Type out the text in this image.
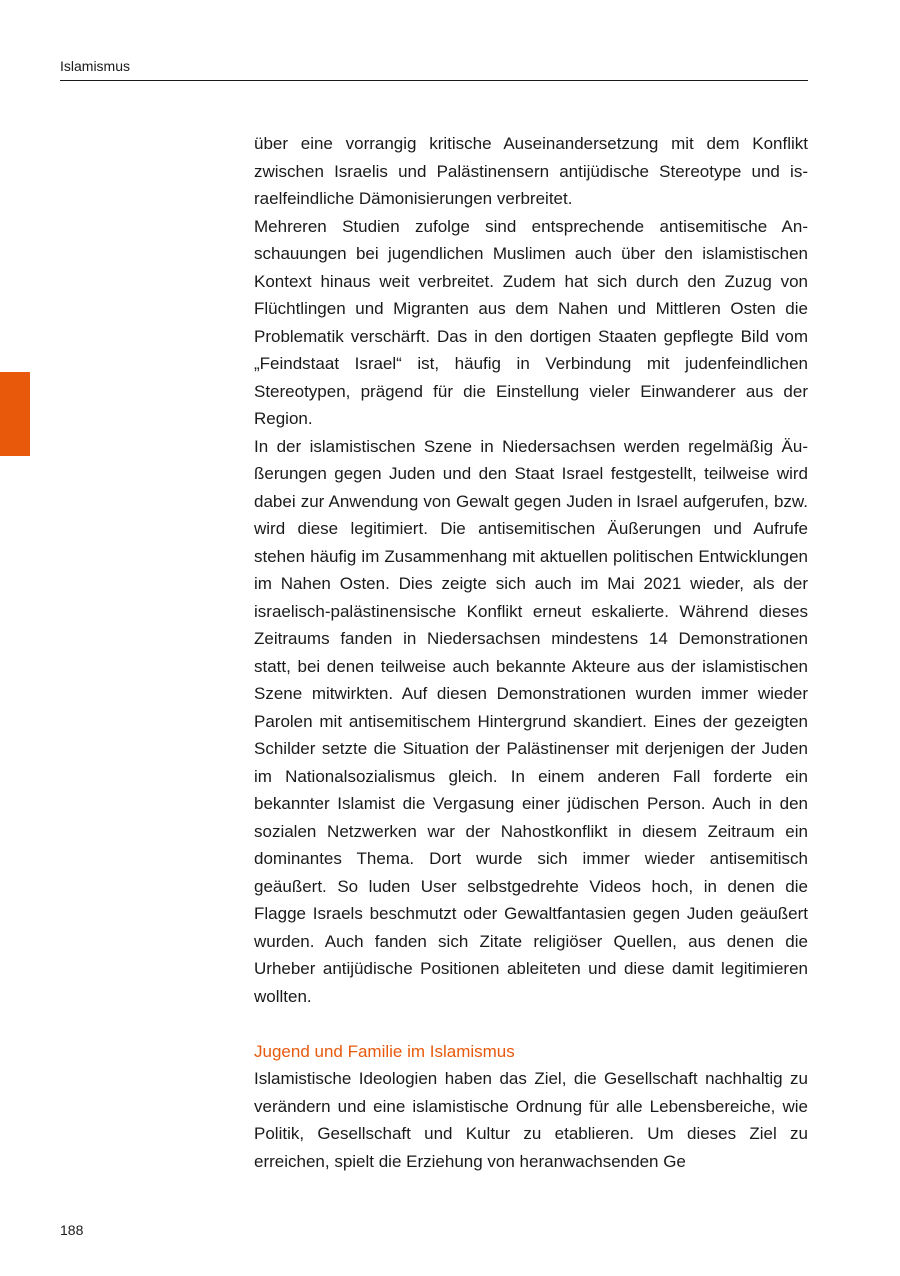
Islamismus

über eine vorrangig kritische Auseinandersetzung mit dem Konflikt zwischen Israelis und Palästinensern antijüdische Stereotype und israelfeindliche Dämonisierungen verbreitet.

Mehreren Studien zufolge sind entsprechende antisemitische Anschauungen bei jugendlichen Muslimen auch über den islamistischen Kontext hinaus weit verbreitet. Zudem hat sich durch den Zuzug von Flüchtlingen und Migranten aus dem Nahen und Mittleren Osten die Problematik verschärft. Das in den dortigen Staaten gepflegte Bild vom „Feindstaat Israel“ ist, häufig in Verbindung mit judenfeindlichen Stereotypen, prägend für die Einstellung vieler Einwanderer aus der Region.

In der islamistischen Szene in Niedersachsen werden regelmäßig Äußerungen gegen Juden und den Staat Israel festgestellt, teilweise wird dabei zur Anwendung von Gewalt gegen Juden in Israel aufgerufen, bzw. wird diese legitimiert. Die antisemitischen Äußerungen und Aufrufe stehen häufig im Zusammenhang mit aktuellen politischen Entwicklungen im Nahen Osten. Dies zeigte sich auch im Mai 2021 wieder, als der israelisch-palästinensische Konflikt erneut eskalierte. Während dieses Zeitraums fanden in Niedersachsen mindestens 14 Demonstrationen statt, bei denen teilweise auch bekannte Akteure aus der islamistischen Szene mitwirkten. Auf diesen Demonstrationen wurden immer wieder Parolen mit antisemitischem Hintergrund skandiert. Eines der gezeigten Schilder setzte die Situation der Palästinenser mit derjenigen der Juden im Nationalsozialismus gleich. In einem anderen Fall forderte ein bekannter Islamist die Vergasung einer jüdischen Person. Auch in den sozialen Netzwerken war der Nahostkonflikt in diesem Zeitraum ein dominantes Thema. Dort wurde sich immer wieder antisemitisch geäußert. So luden User selbstgedrehte Videos hoch, in denen die Flagge Israels beschmutzt oder Gewaltfantasien gegen Juden geäußert wurden. Auch fanden sich Zitate religiöser Quellen, aus denen die Urheber antijüdische Positionen ableiteten und diese damit legitimieren wollten.

Jugend und Familie im Islamismus

Islamistische Ideologien haben das Ziel, die Gesellschaft nachhaltig zu verändern und eine islamistische Ordnung für alle Lebensbereiche, wie Politik, Gesellschaft und Kultur zu etablieren. Um dieses Ziel zu erreichen, spielt die Erziehung von heranwachsenden Ge

188
